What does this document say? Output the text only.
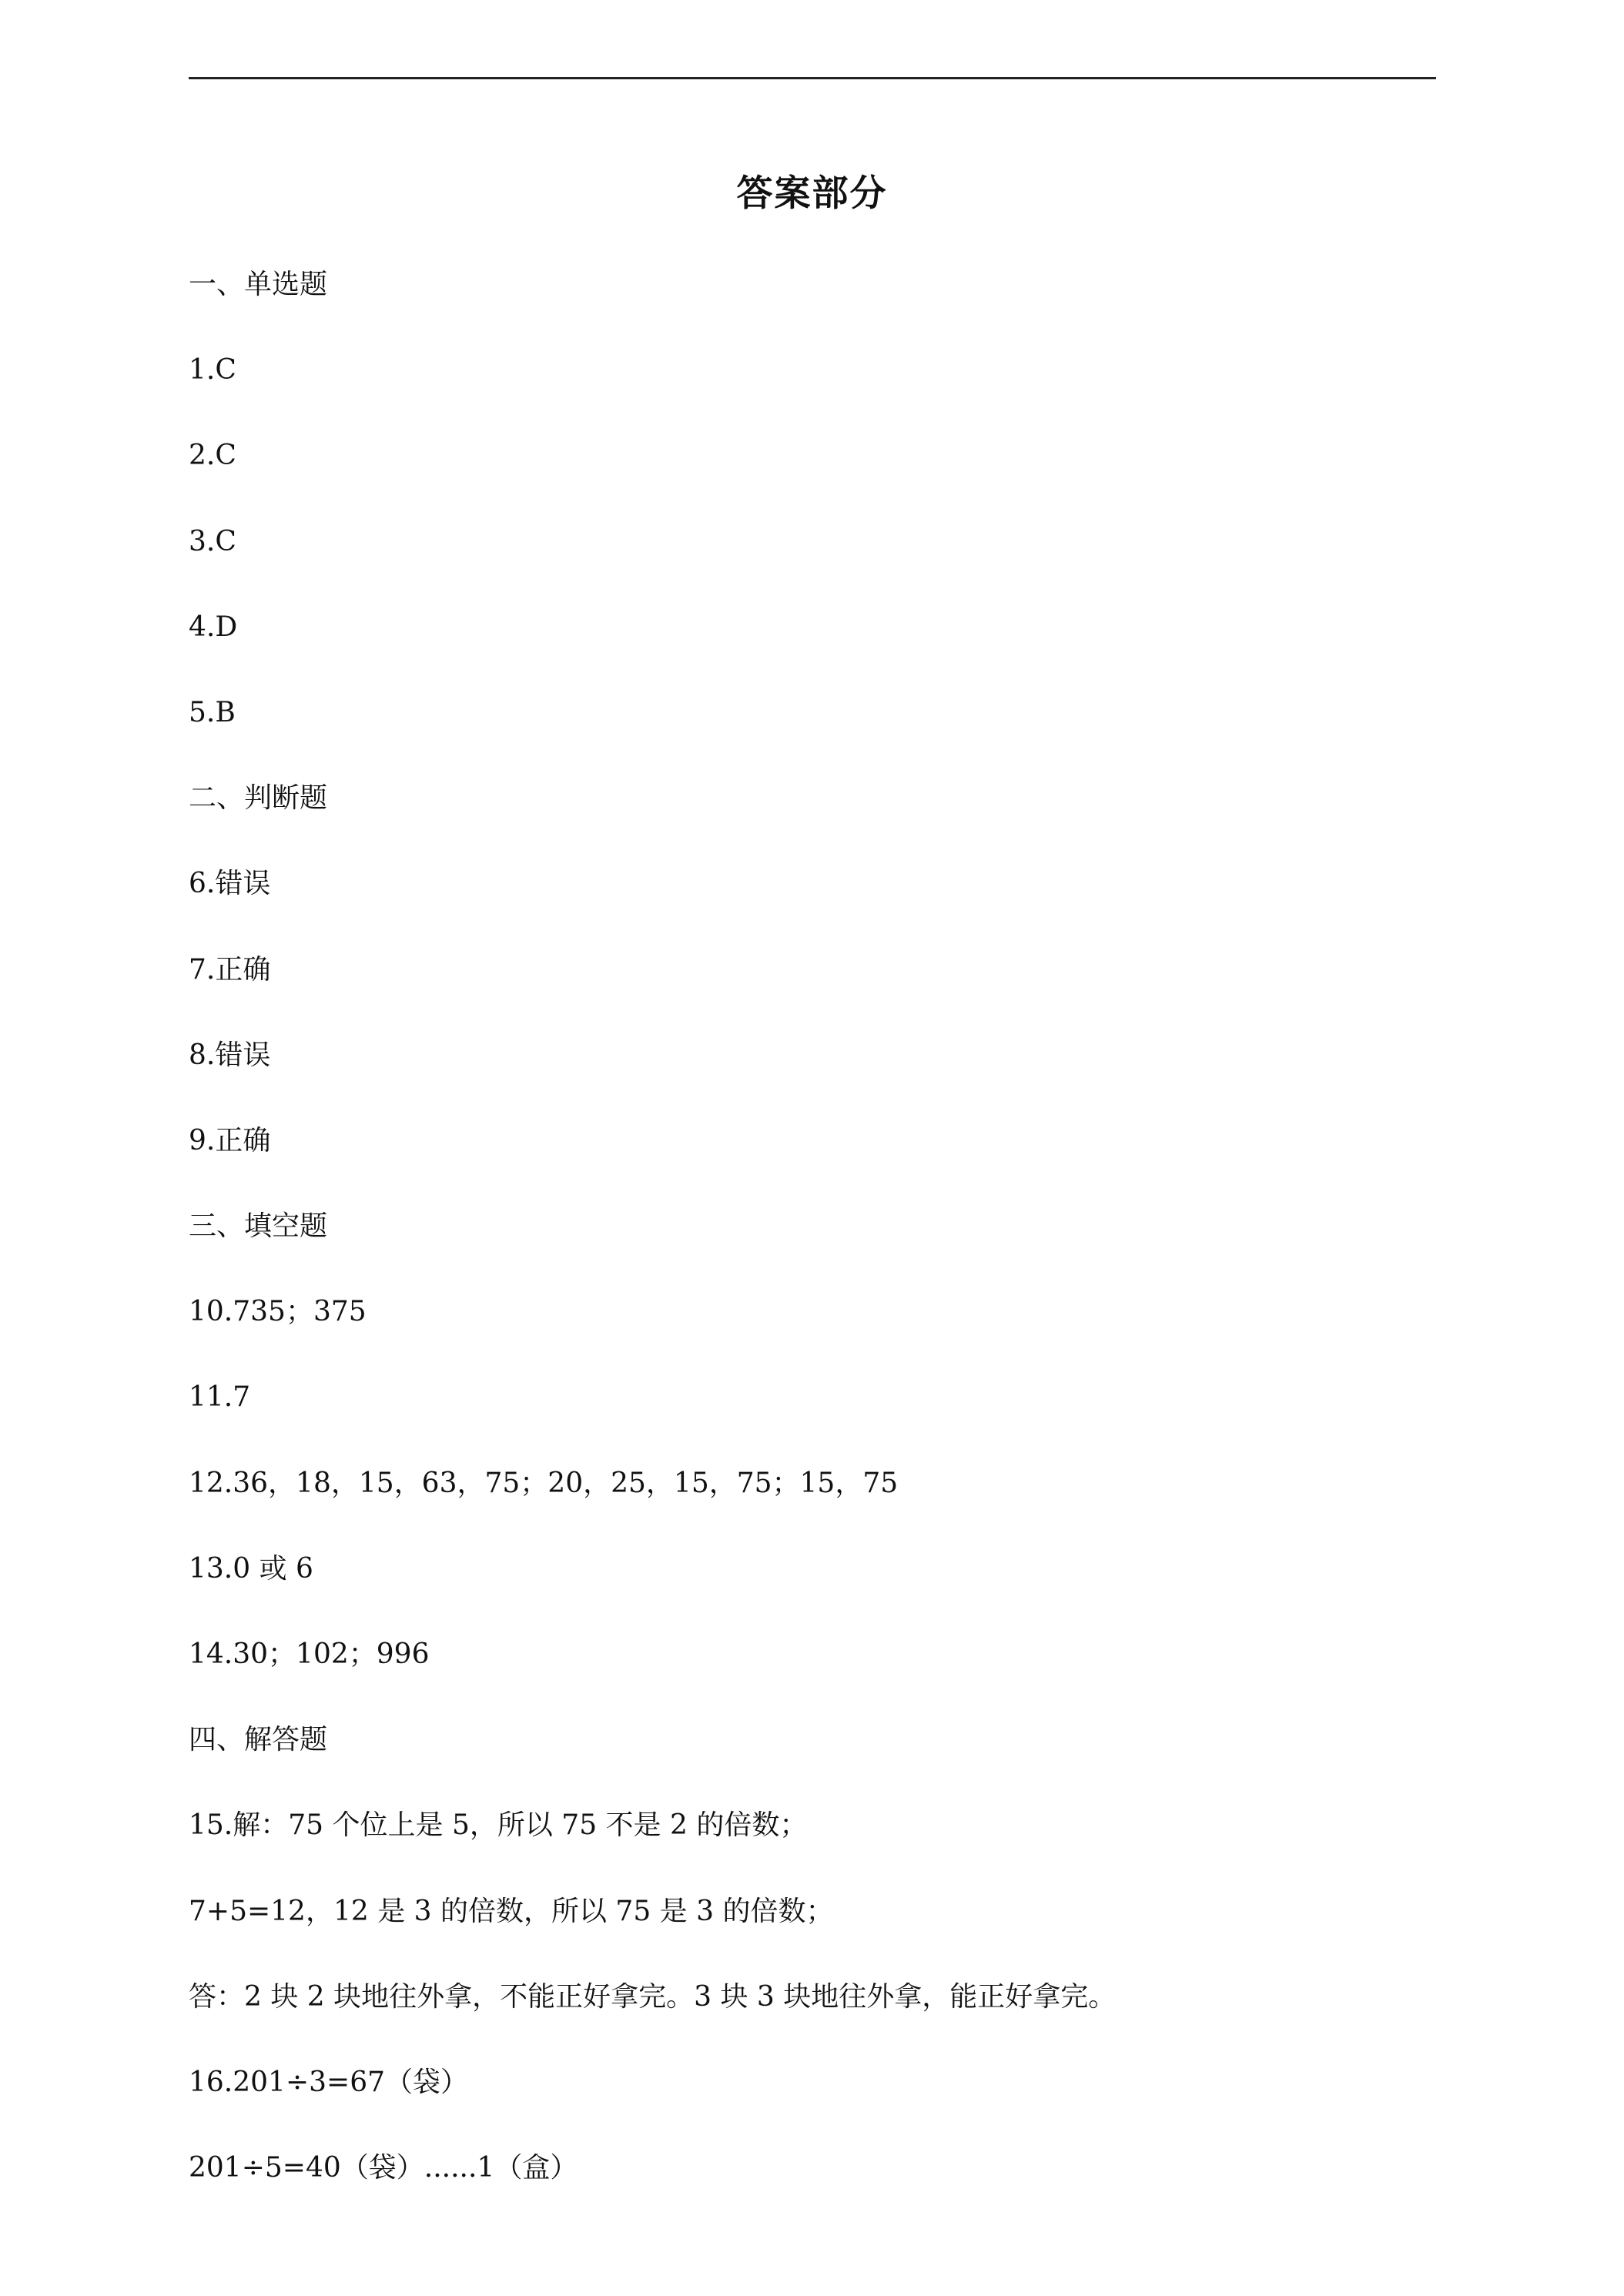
答案部分
一、单选题
1.C
2.C
3.C
4.D
5.B
二、判断题
6.错误
7.正确
8.错误
9.正确
三、填空题
10.735；375
11.7
12.36，18，15，63，75；20，25，15，75；15，75
13.0 或 6
14.30；102；996
四、解答题
15.解：75 个位上是 5，所以 75 不是 2 的倍数；
7+5=12，12 是 3 的倍数，所以 75 是 3 的倍数；
答：2 块 2 块地往外拿，不能正好拿完。3 块 3 块地往外拿，能正好拿完。
16.201÷3=67（袋）
201÷5=40（袋）......1（盒）
